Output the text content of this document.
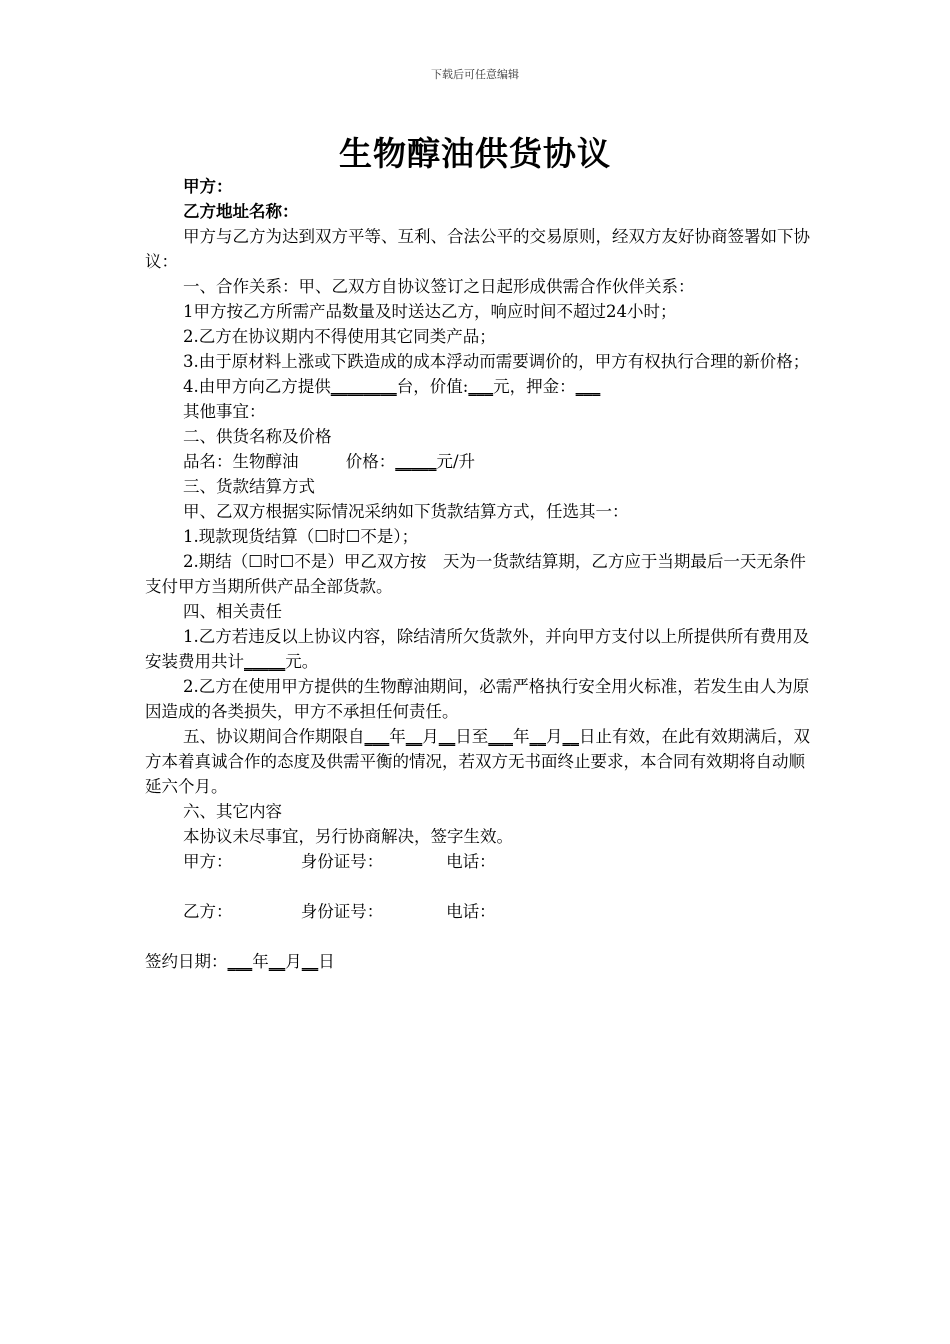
下载后可任意编辑
生物醇油供货协议

甲方：

乙方地址名称：

甲方与乙方为达到双方平等、互利、合法公平的交易原则，经双方友好协商签署如下协议：

一、合作关系：甲、乙双方自协议签订之日起形成供需合作伙伴关系：

1甲方按乙方所需产品数量及时送达乙方，响应时间不超过24小时；

2.乙方在协议期内不得使用其它同类产品；

3.由于原材料上涨或下跌造成的成本浮动而需要调价的，甲方有权执行合理的新价格；

4.由甲方向乙方提供________台，价值:___元，押金：___

其他事宜：

二、供货名称及价格

品名：生物醇油	价格：_____元/升

三、货款结算方式

甲、乙双方根据实际情况采纳如下货款结算方式，任选其一：

1.现款现货结算（☐时☐不是）；

2.期结（☐时☐不是）甲乙双方按　天为一货款结算期，乙方应于当期最后一天无条件支付甲方当期所供产品全部货款。

四、相关责任

1.乙方若违反以上协议内容，除结清所欠货款外，并向甲方支付以上所提供所有费用及安装费用共计_____元。

2.乙方在使用甲方提供的生物醇油期间，必需严格执行安全用火标准，若发生由人为原因造成的各类损失，甲方不承担任何责任。

五、协议期间合作期限自___年__月__日至___年__月__日止有效，在此有效期满后，双方本着真诚合作的态度及供需平衡的情况，若双方无书面终止要求，本合同有效期将自动顺延六个月。

六、其它内容

本协议未尽事宜，另行协商解决，签字生效。

甲方：	身份证号：	电话：

乙方：	身份证号：	电话：

签约日期：___年__月__日
